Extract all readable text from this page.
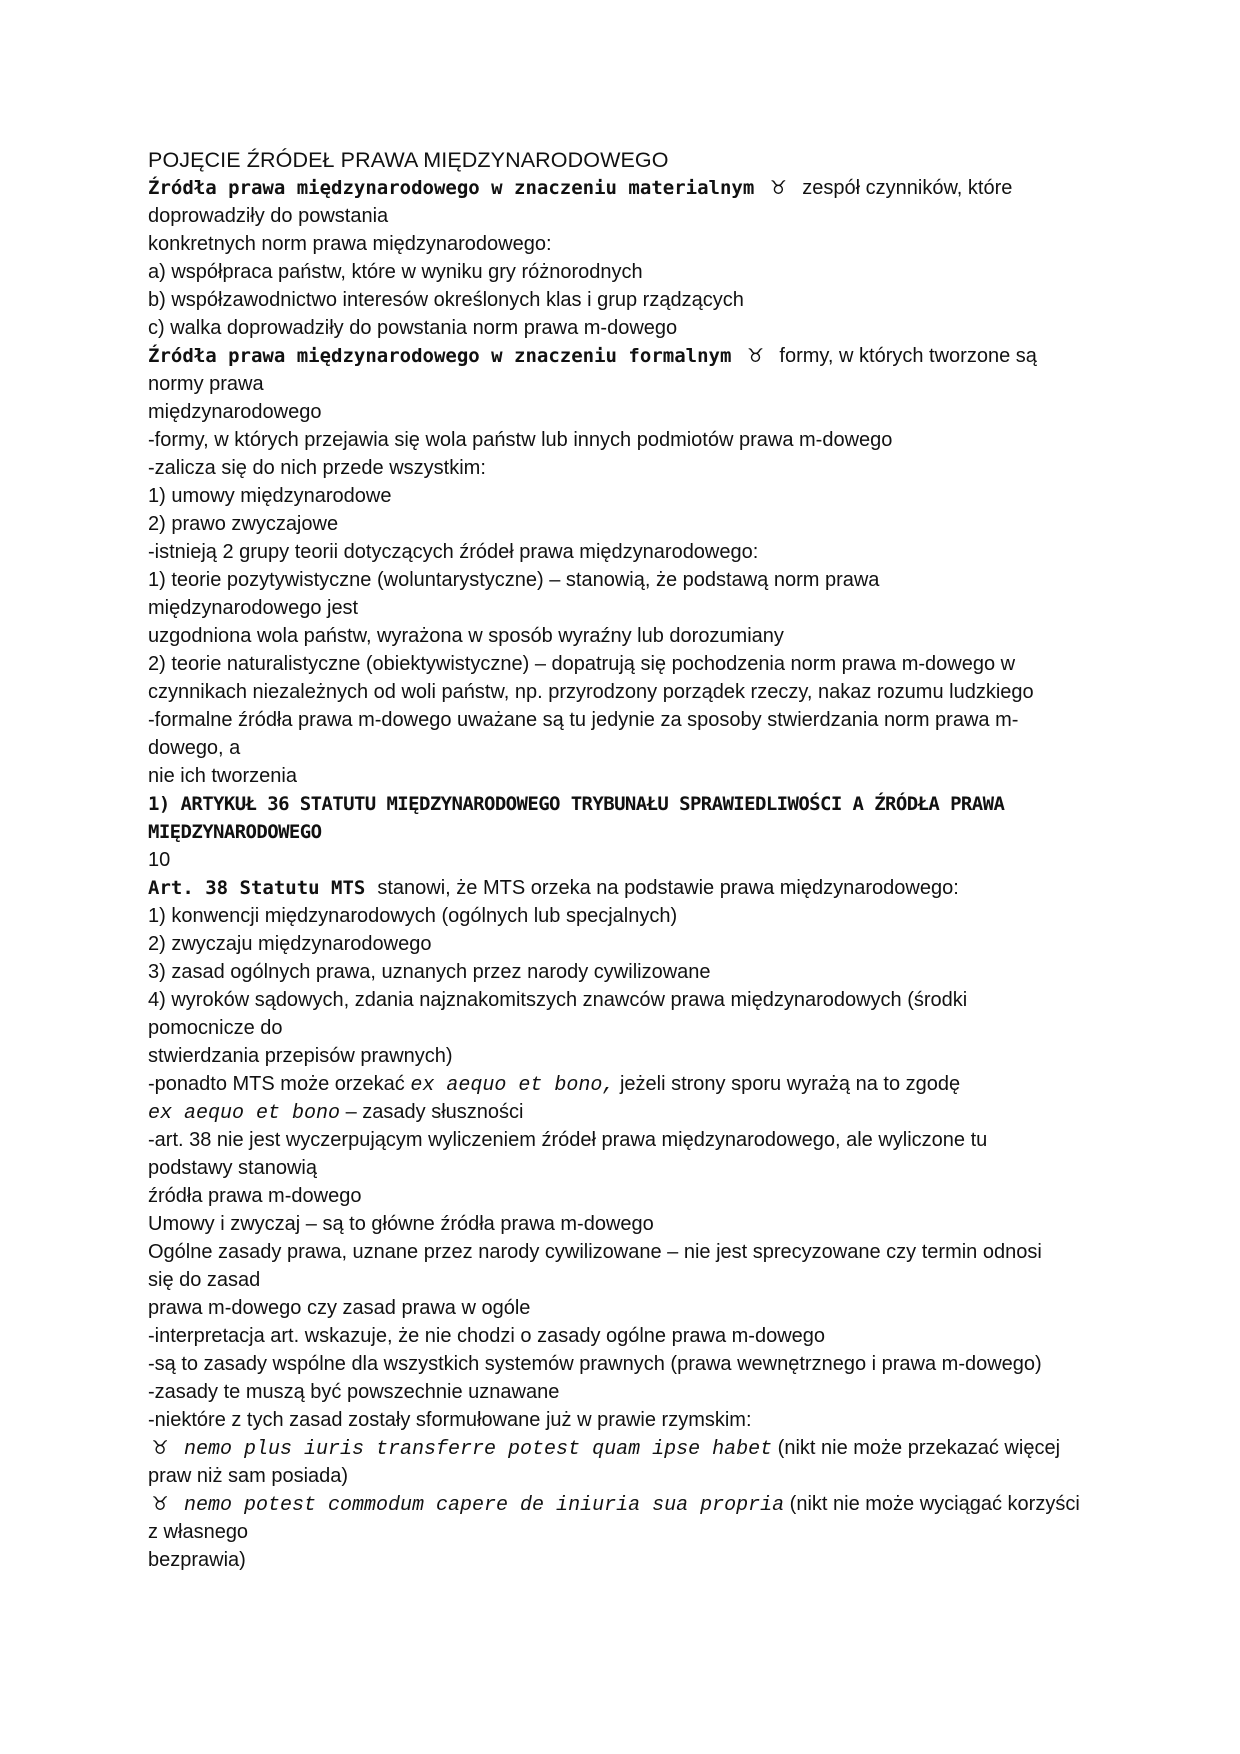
POJĘCIE ŹRÓDEŁ PRAWA MIĘDZYNARODOWEGO
Źródła prawa międzynarodowego w znaczeniu materialnym ♉ zespół czynników, które
doprowadziły do powstania
konkretnych norm prawa międzynarodowego:
a) współpraca państw, które w wyniku gry różnorodnych
b) współzawodnictwo interesów określonych klas i grup rządzących
c) walka doprowadziły do powstania norm prawa m-dowego
Źródła prawa międzynarodowego w znaczeniu formalnym ♉ formy, w których tworzone są
normy prawa
międzynarodowego
-formy, w których przejawia się wola państw lub innych podmiotów prawa m-dowego
-zalicza się do nich przede wszystkim:
1) umowy międzynarodowe
2) prawo zwyczajowe
-istnieją 2 grupy teorii dotyczących źródeł prawa międzynarodowego:
1) teorie pozytywistyczne (woluntarystyczne) – stanowią, że podstawą norm prawa
międzynarodowego jest
uzgodniona wola państw, wyrażona w sposób wyraźny lub dorozumiany
2) teorie naturalistyczne (obiektywistyczne) – dopatrują się pochodzenia norm prawa m-dowego w
czynnikach niezależnych od woli państw, np. przyrodzony porządek rzeczy, nakaz rozumu ludzkiego
-formalne źródła prawa m-dowego uważane są tu jedynie za sposoby stwierdzania norm prawa m-
dowego, a
nie ich tworzenia
1) ARTYKUŁ 36 STATUTU MIĘDZYNARODOWEGO TRYBUNAŁU SPRAWIEDLIWOŚCI A ŹRÓDŁA PRAWA
MIĘDZYNARODOWEGO
10
Art. 38 Statutu MTS stanowi, że MTS orzeka na podstawie prawa międzynarodowego:
1) konwencji międzynarodowych (ogólnych lub specjalnych)
2) zwyczaju międzynarodowego
3) zasad ogólnych prawa, uznanych przez narody cywilizowane
4) wyroków sądowych, zdania najznakomitszych znawców prawa międzynarodowych (środki
pomocnicze do
stwierdzania przepisów prawnych)
-ponadto MTS może orzekać ex aequo et bono, jeżeli strony sporu wyrażą na to zgodę
ex aequo et bono – zasady słuszności
-art. 38 nie jest wyczerpującym wyliczeniem źródeł prawa międzynarodowego, ale wyliczone tu
podstawy stanowią
źródła prawa m-dowego
Umowy i zwyczaj – są to główne źródła prawa m-dowego
Ogólne zasady prawa, uznane przez narody cywilizowane – nie jest sprecyzowane czy termin odnosi
się do zasad
prawa m-dowego czy zasad prawa w ogóle
-interpretacja art. wskazuje, że nie chodzi o zasady ogólne prawa m-dowego
-są to zasady wspólne dla wszystkich systemów prawnych (prawa wewnętrznego i prawa m-dowego)
-zasady te muszą być powszechnie uznawane
-niektóre z tych zasad zostały sformułowane już w prawie rzymskim:
♉ nemo plus iuris transferre potest quam ipse habet (nikt nie może przekazać więcej
praw niż sam posiada)
♉ nemo potest commodum capere de iniuria sua propria (nikt nie może wyciągać korzyści
z własnego
bezprawia)
